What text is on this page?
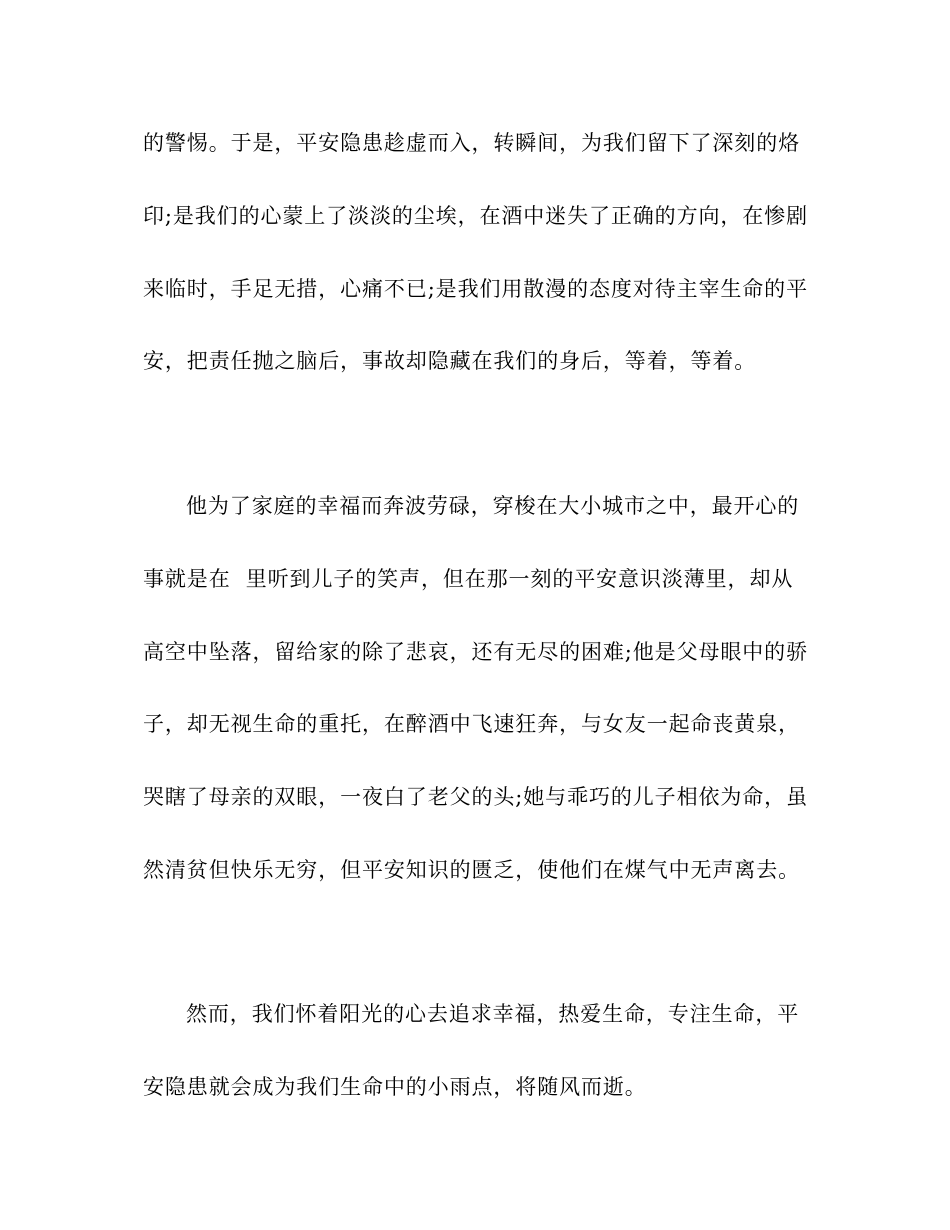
的警惕。于是，平安隐患趁虚而入，转瞬间，为我们留下了深刻的烙
印;是我们的心蒙上了淡淡的尘埃，在酒中迷失了正确的方向，在惨剧
来临时，手足无措，心痛不已;是我们用散漫的态度对待主宰生命的平
安，把责任抛之脑后，事故却隐藏在我们的身后，等着，等着。
他为了家庭的幸福而奔波劳碌，穿梭在大小城市之中，最开心的
事就是在  里听到儿子的笑声，但在那一刻的平安意识淡薄里，却从
高空中坠落，留给家的除了悲哀，还有无尽的困难;他是父母眼中的骄
子，却无视生命的重托，在醉酒中飞速狂奔，与女友一起命丧黄泉，
哭瞎了母亲的双眼，一夜白了老父的头;她与乖巧的儿子相依为命，虽
然清贫但快乐无穷，但平安知识的匮乏，使他们在煤气中无声离去。
然而，我们怀着阳光的心去追求幸福，热爱生命，专注生命，平
安隐患就会成为我们生命中的小雨点，将随风而逝。
